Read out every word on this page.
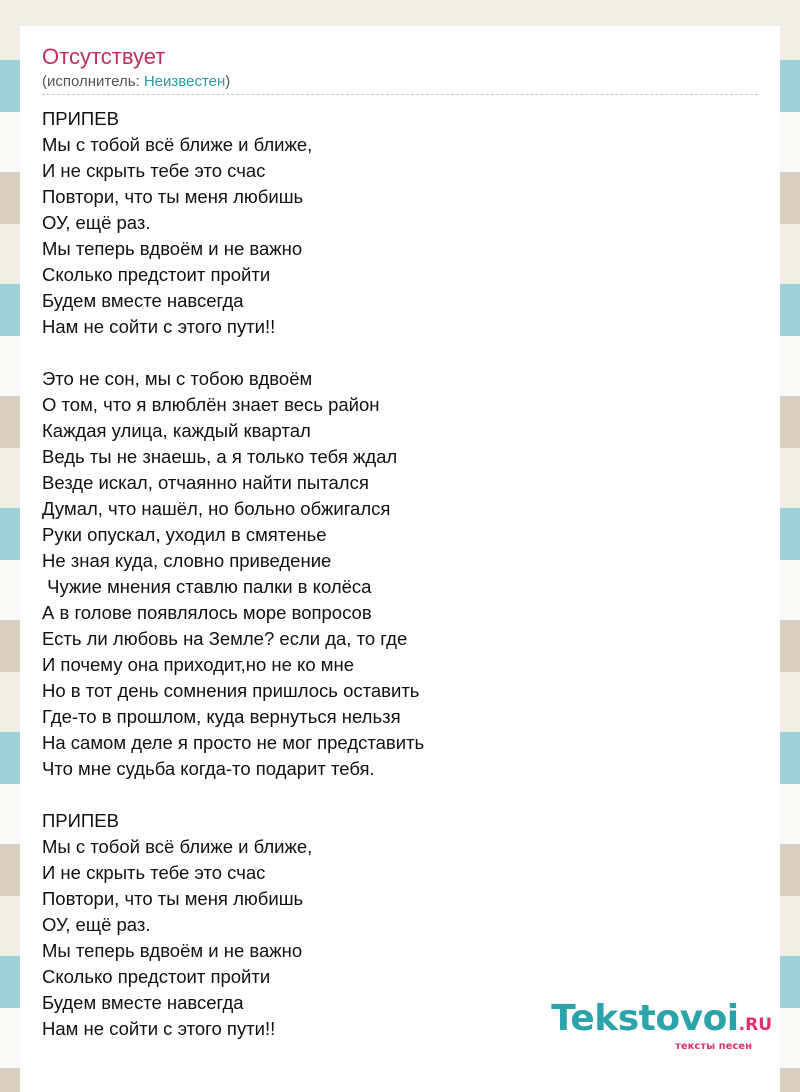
Отсутствует
(исполнитель: Неизвестен)
ПРИПЕВ
Мы с тобой всё ближе и ближе,
И не скрыть тебе это счас
Повтори, что ты меня любишь
ОУ, ещё раз.
Мы теперь вдвоём и не важно
Сколько предстоит пройти
Будем вместе навсегда
Нам не сойти с этого пути!!
Это не сон, мы с тобою вдвоём
О том, что я влюблён знает весь район
Каждая улица, каждый квартал
Ведь ты не знаешь, а я только тебя ждал
Везде искал, отчаянно найти пытался
Думал, что нашёл, но больно обжигался
Руки опускал, уходил в смятенье
Не зная куда, словно приведение
Чужие мнения ставлю палки в колёса
А в голове появлялось море вопросов
Есть ли любовь на Земле? если да, то где
И почему она приходит,но не ко мне
Но в тот день сомнения пришлось оставить
Где-то в прошлом, куда вернуться нельзя
На самом деле я просто не мог представить
Что мне судьба когда-то подарит тебя.
ПРИПЕВ
Мы с тобой всё ближе и ближе,
И не скрыть тебе это счас
Повтори, что ты меня любишь
ОУ, ещё раз.
Мы теперь вдвоём и не важно
Сколько предстоит пройти
Будем вместе навсегда
Нам не сойти с этого пути!!	Tekstovoi.RU
тексты песен
